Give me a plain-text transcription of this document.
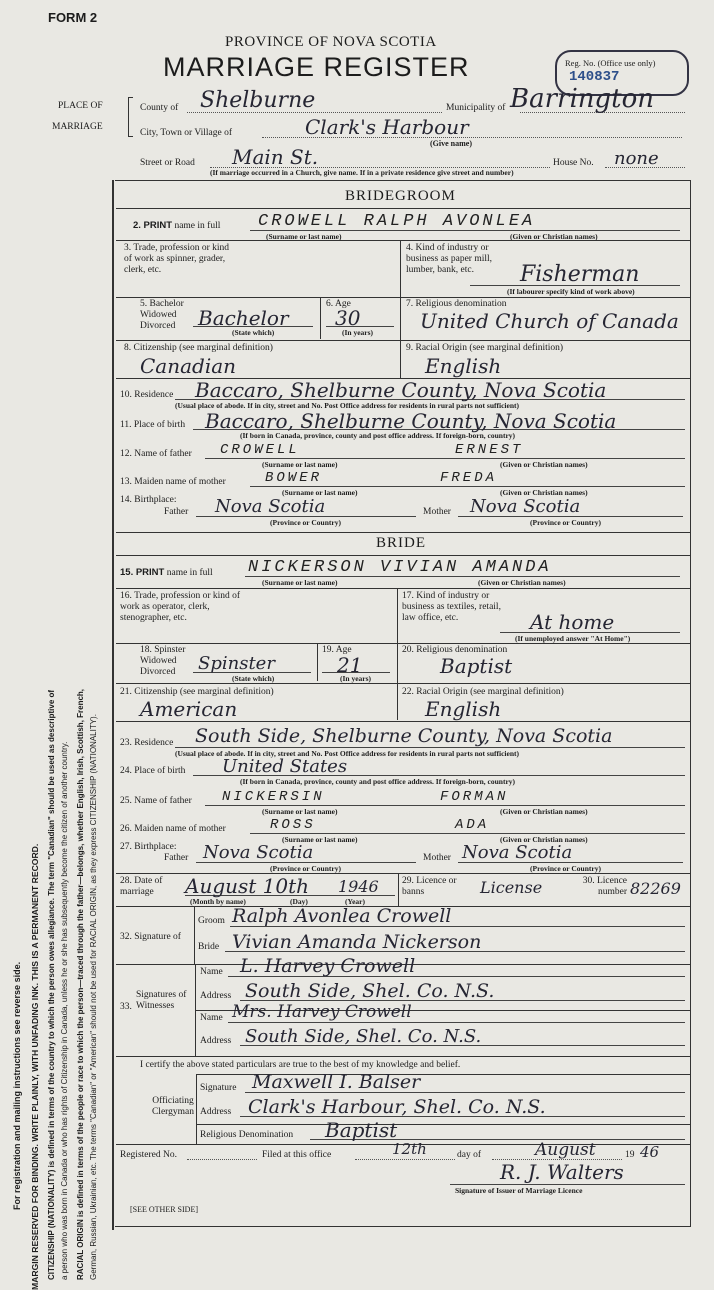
For registration and mailing instructions see reverse side. MARGIN RESERVED FOR BINDING. WRITE PLAINLY, WITH UNFADING INK. THIS IS A PERMANENT RECORD. CITIZENSHIP (NATIONALITY) is defined in terms of the country to which the person owes allegiance. The term "Canadian" should be used as descriptive of a person who was born in Canada or who has rights of Citizenship in Canada, unless he or she has subsequently become the citizen of another country. RACIAL ORIGIN is defined in terms of the people or race to which the person—traced through the father—belongs, whether English, Irish, Scottish, French, German, Russian, Ukrainian, etc. The terms "Canadian" or "American" should not be used for RACIAL ORIGIN, as they express CITIZENSHIP (NATIONALITY).
FORM 2
PROVINCE OF NOVA SCOTIA
MARRIAGE REGISTER	Reg. No. (Office use only)
140837
PLACE OF
MARRIAGE
County of Shelburne	Municipality of Barrington
City, Town or Village of	Clark's Harbour
(Give name)
Street or Road Main St.	House No. none
(If marriage occurred in a Church, give name. If in a private residence give street and number)
BRIDEGROOM
2. PRINT name in full CROWELL RALPH AVONLEA
(Surname or last name)	(Given or Christian names)
3. Trade, profession or kind of work as spinner, grader, clerk, etc.
4. Kind of industry or business as paper mill, lumber, bank, etc.	Fisherman
(If labourer specify kind of work above)
5. Bachelor Widowed Divorced	Bachelor
(State which)
6. Age
30
(In years)
7. Religious denomination
United Church of Canada
8. Citizenship (see marginal definition)
Canadian
9. Racial Origin (see marginal definition)
English
10. Residence Baccaro, Shelburne County, Nova Scotia
(Usual place of abode. If in city, street and No. Post Office address for residents in rural parts not sufficient)
11. Place of birth Baccaro, Shelburne County, Nova Scotia
(If born in Canada, province, county and post office address. If foreign-born, country)
12. Name of father CROWELL	ERNEST
(Surname or last name)	(Given or Christian names)
13. Maiden name of mother	BOWER	FREDA
(Surname or last name)	(Given or Christian names)
14. Birthplace:
Father Nova Scotia
(Province or Country)
Mother Nova Scotia
(Province or Country)
BRIDE
15. PRINT name in full NICKERSON VIVIAN AMANDA
(Surname or last name)	(Given or Christian names)
16. Trade, profession or kind of work as operator, clerk, stenographer, etc.
17. Kind of industry or business as textiles, retail, law office, etc.	At home
(If unemployed answer "At Home")
18. Spinster Widowed Divorced	Spinster
(State which)
19. Age
21
(In years)
20. Religious denomination
Baptist
21. Citizenship (see marginal definition)
American
22. Racial Origin (see marginal definition)
English
23. Residence South Side, Shelburne County, Nova Scotia
(Usual place of abode. If in city, street and No. Post Office address for residents in rural parts not sufficient)
24. Place of birth United States
(If born in Canada, province, county and post office address. If foreign-born, country)
25. Name of father NICKERSIN	FORMAN
(Surname or last name)	(Given or Christian names)
26. Maiden name of mother	ROSS	ADA
(Surname or last name)	(Given or Christian names)
27. Birthplace:
Father Nova Scotia
(Province or Country)
Mother Nova Scotia
(Province or Country)
28. Date of marriage	August 10th 1946
(Month by name)	(Day)	(Year)
29. Licence or banns	License	30. Licence number 82269
32. Signature of
Groom Ralph Avonlea Crowell
Bride Vivian Amanda Nickerson
33.
Signatures of Witnesses
Name L. Harvey Crowell
Address South Side, Shel. Co. N.S.
Name Mrs. Harvey Crowell
Address South Side, Shel. Co. N.S.
I certify the above stated particulars are true to the best of my knowledge and belief.
Officiating Clergyman
Signature Maxwell I. Balser
Address Clark's Harbour, Shel. Co. N.S.
Religious Denomination Baptist
Registered No.	Filed at this office	12th	day of	August	19 46
R. J. Walters
Signature of Issuer of Marriage Licence
[SEE OTHER SIDE]
